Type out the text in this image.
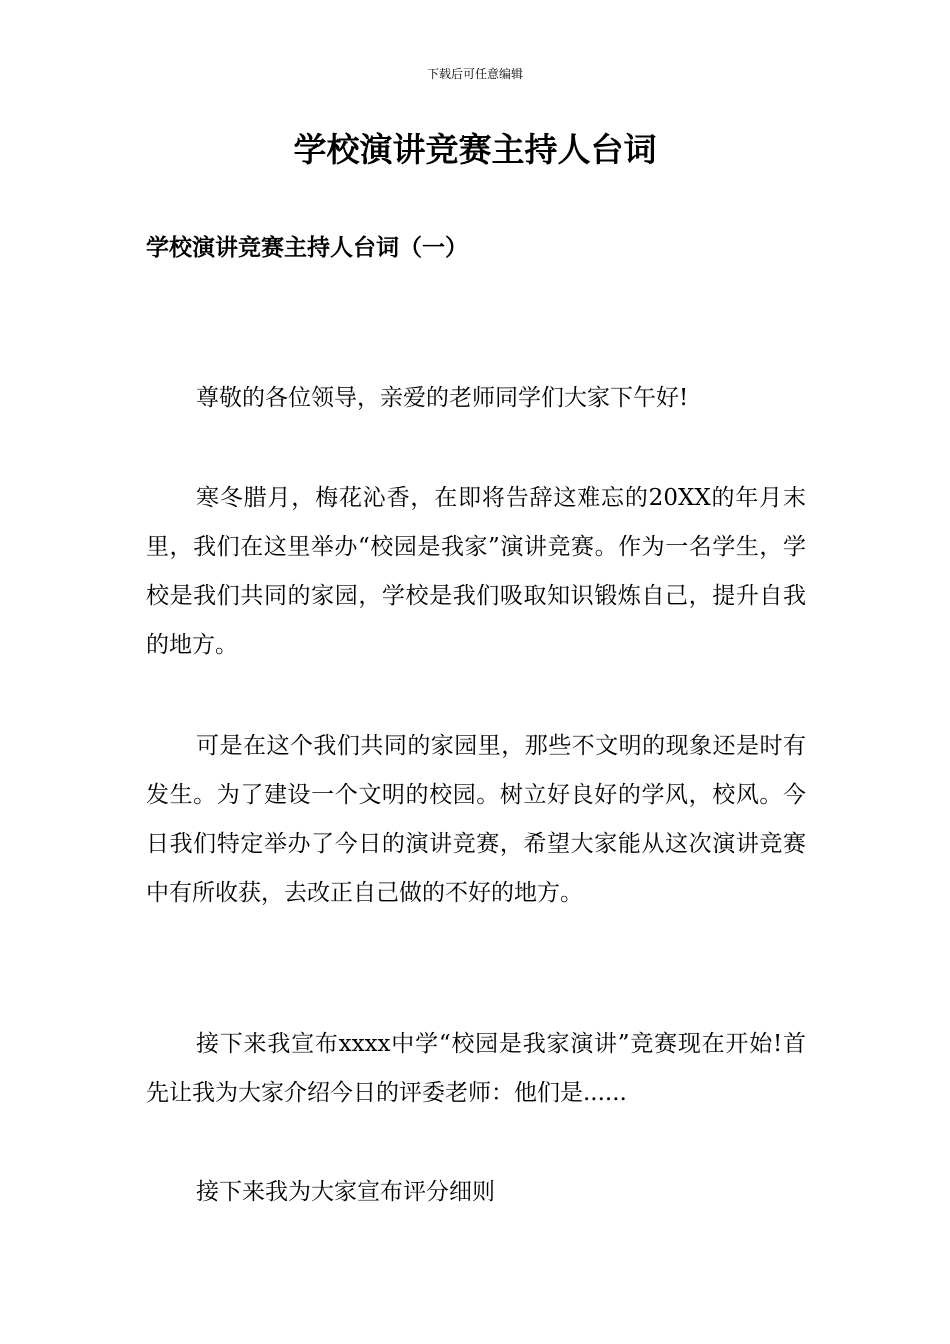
下载后可任意编辑
学校演讲竞赛主持人台词
学校演讲竞赛主持人台词（一）

尊敬的各位领导，亲爱的老师同学们大家下午好!

寒冬腊月，梅花沁香，在即将告辞这难忘的20XX的年月末里，我们在这里举办“校园是我家”演讲竞赛。作为一名学生，学校是我们共同的家园，学校是我们吸取知识锻炼自己，提升自我的地方。

可是在这个我们共同的家园里，那些不文明的现象还是时有发生。为了建设一个文明的校园。树立好良好的学风，校风。今日我们特定举办了今日的演讲竞赛，希望大家能从这次演讲竞赛中有所收获，去改正自己做的不好的地方。

接下来我宣布xxxx中学“校园是我家演讲”竞赛现在开始!首先让我为大家介绍今日的评委老师：他们是......

接下来我为大家宣布评分细则
